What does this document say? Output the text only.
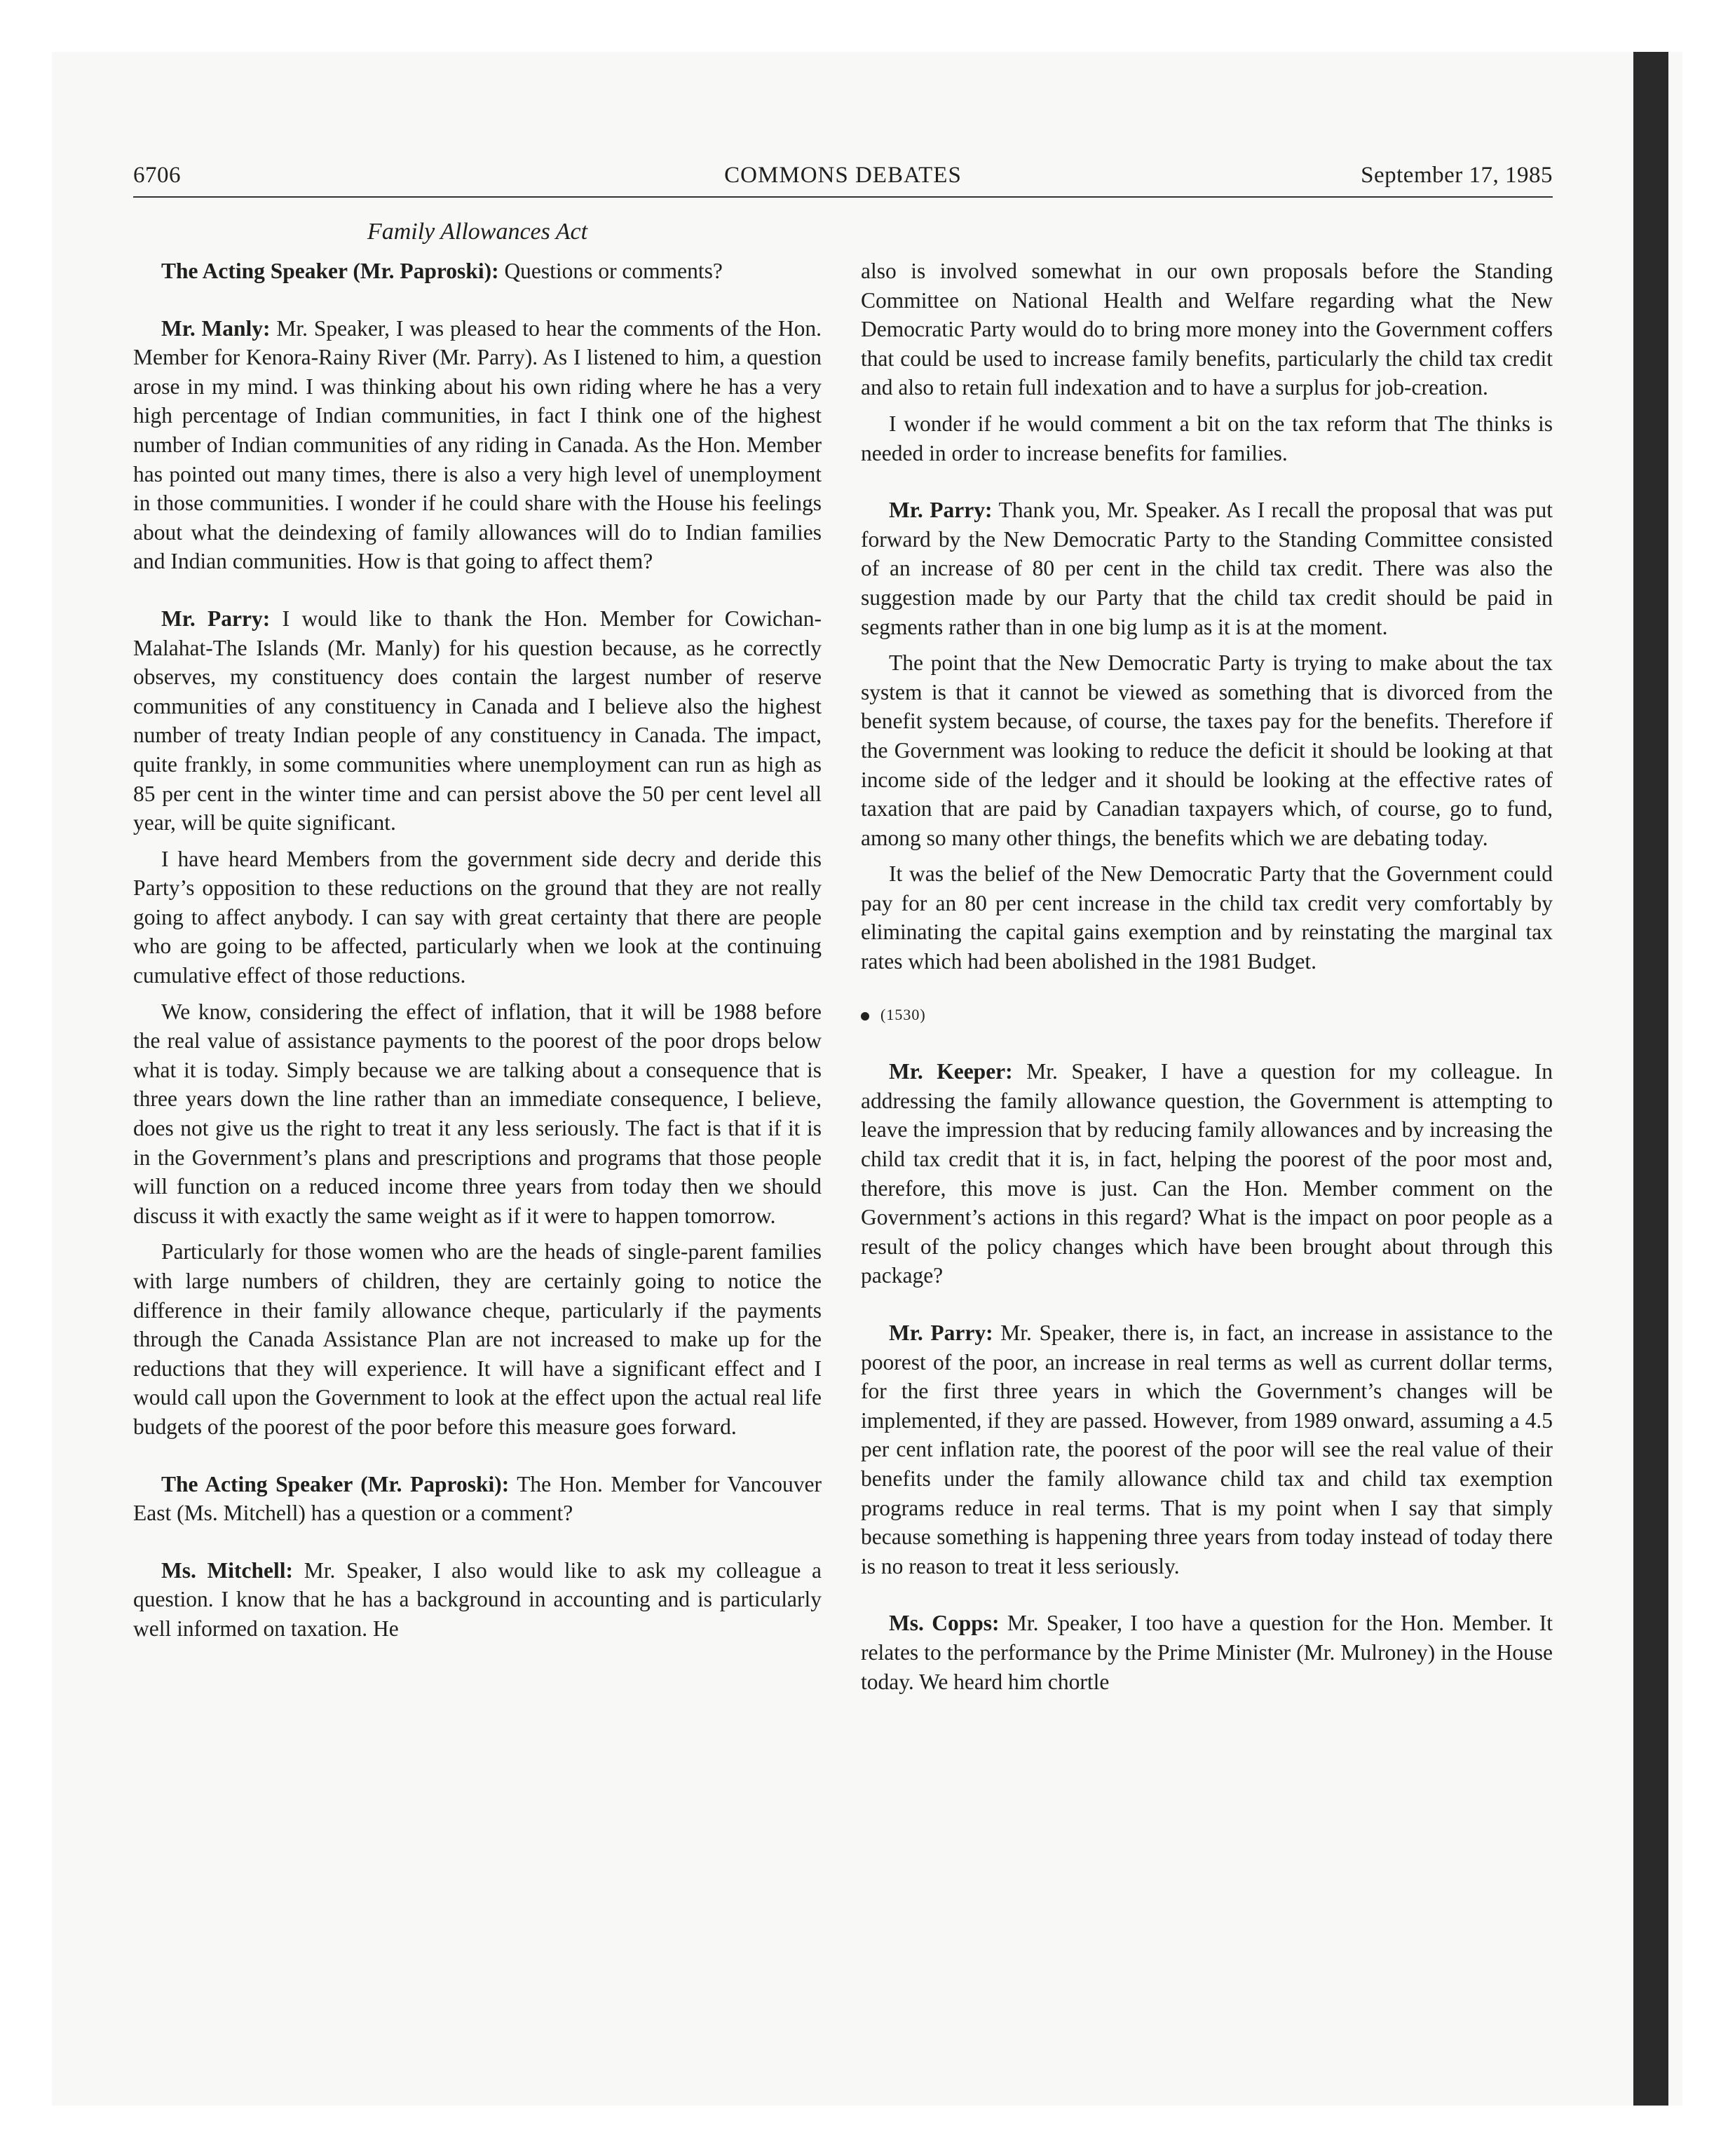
6706	COMMONS DEBATES	September 17, 1985
Family Allowances Act

The Acting Speaker (Mr. Paproski): Questions or comments?

Mr. Manly: Mr. Speaker, I was pleased to hear the comments of the Hon. Member for Kenora-Rainy River (Mr. Parry). As I listened to him, a question arose in my mind. I was thinking about his own riding where he has a very high percentage of Indian communities, in fact I think one of the highest number of Indian communities of any riding in Canada. As the Hon. Member has pointed out many times, there is also a very high level of unemployment in those communities. I wonder if he could share with the House his feelings about what the deindexing of family allowances will do to Indian families and Indian communities. How is that going to affect them?

Mr. Parry: I would like to thank the Hon. Member for Cowichan-Malahat-The Islands (Mr. Manly) for his question because, as he correctly observes, my constituency does contain the largest number of reserve communities of any constituency in Canada and I believe also the highest number of treaty Indian people of any constituency in Canada. The impact, quite frankly, in some communities where unemployment can run as high as 85 per cent in the winter time and can persist above the 50 per cent level all year, will be quite significant.

I have heard Members from the government side decry and deride this Party’s opposition to these reductions on the ground that they are not really going to affect anybody. I can say with great certainty that there are people who are going to be affected, particularly when we look at the continuing cumulative effect of those reductions.

We know, considering the effect of inflation, that it will be 1988 before the real value of assistance payments to the poorest of the poor drops below what it is today. Simply because we are talking about a consequence that is three years down the line rather than an immediate consequence, I believe, does not give us the right to treat it any less seriously. The fact is that if it is in the Government’s plans and prescriptions and programs that those people will function on a reduced income three years from today then we should discuss it with exactly the same weight as if it were to happen tomorrow.

Particularly for those women who are the heads of single-parent families with large numbers of children, they are certainly going to notice the difference in their family allowance cheque, particularly if the payments through the Canada Assistance Plan are not increased to make up for the reductions that they will experience. It will have a significant effect and I would call upon the Government to look at the effect upon the actual real life budgets of the poorest of the poor before this measure goes forward.

The Acting Speaker (Mr. Paproski): The Hon. Member for Vancouver East (Ms. Mitchell) has a question or a comment?

Ms. Mitchell: Mr. Speaker, I also would like to ask my colleague a question. I know that he has a background in accounting and is particularly well informed on taxation. He

also is involved somewhat in our own proposals before the Standing Committee on National Health and Welfare regarding what the New Democratic Party would do to bring more money into the Government coffers that could be used to increase family benefits, particularly the child tax credit and also to retain full indexation and to have a surplus for job-creation.

I wonder if he would comment a bit on the tax reform that The thinks is needed in order to increase benefits for families.

Mr. Parry: Thank you, Mr. Speaker. As I recall the proposal that was put forward by the New Democratic Party to the Standing Committee consisted of an increase of 80 per cent in the child tax credit. There was also the suggestion made by our Party that the child tax credit should be paid in segments rather than in one big lump as it is at the moment.

The point that the New Democratic Party is trying to make about the tax system is that it cannot be viewed as something that is divorced from the benefit system because, of course, the taxes pay for the benefits. Therefore if the Government was looking to reduce the deficit it should be looking at that income side of the ledger and it should be looking at the effective rates of taxation that are paid by Canadian taxpayers which, of course, go to fund, among so many other things, the benefits which we are debating today.

It was the belief of the New Democratic Party that the Government could pay for an 80 per cent increase in the child tax credit very comfortably by eliminating the capital gains exemption and by reinstating the marginal tax rates which had been abolished in the 1981 Budget.

(1530)

Mr. Keeper: Mr. Speaker, I have a question for my colleague. In addressing the family allowance question, the Government is attempting to leave the impression that by reducing family allowances and by increasing the child tax credit that it is, in fact, helping the poorest of the poor most and, therefore, this move is just. Can the Hon. Member comment on the Government’s actions in this regard? What is the impact on poor people as a result of the policy changes which have been brought about through this package?

Mr. Parry: Mr. Speaker, there is, in fact, an increase in assistance to the poorest of the poor, an increase in real terms as well as current dollar terms, for the first three years in which the Government’s changes will be implemented, if they are passed. However, from 1989 onward, assuming a 4.5 per cent inflation rate, the poorest of the poor will see the real value of their benefits under the family allowance child tax and child tax exemption programs reduce in real terms. That is my point when I say that simply because something is happening three years from today instead of today there is no reason to treat it less seriously.

Ms. Copps: Mr. Speaker, I too have a question for the Hon. Member. It relates to the performance by the Prime Minister (Mr. Mulroney) in the House today. We heard him chortle
